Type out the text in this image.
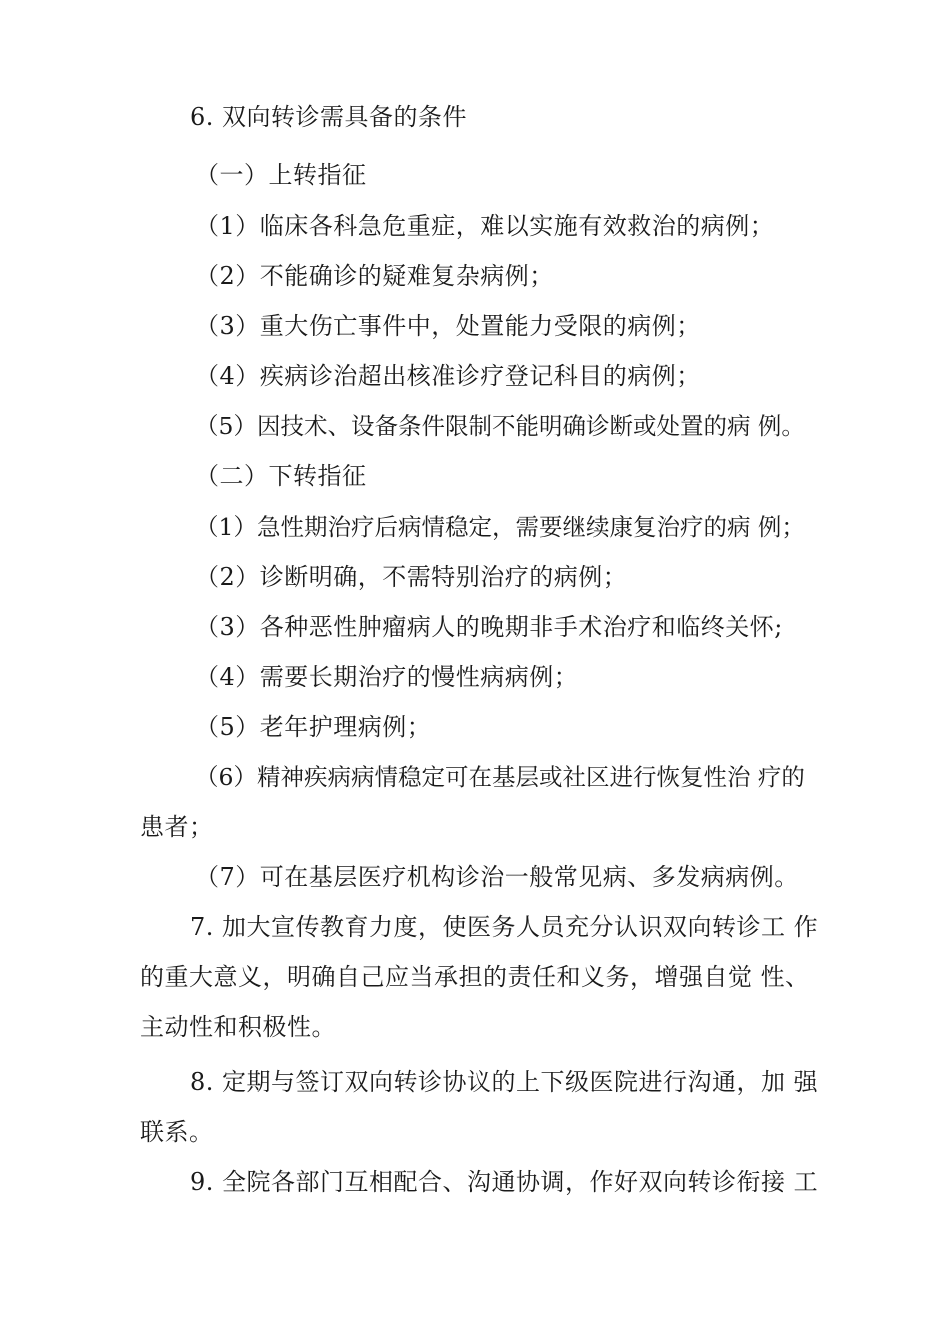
6. 双向转诊需具备的条件

（一）上转指征

（1）临床各科急危重症，难以实施有效救治的病例；

（2）不能确诊的疑难复杂病例；

（3）重大伤亡事件中，处置能力受限的病例；

（4）疾病诊治超出核准诊疗登记科目的病例；

（5）因技术、设备条件限制不能明确诊断或处置的病 例。

（二）下转指征

（1）急性期治疗后病情稳定，需要继续康复治疗的病 例；

（2）诊断明确，不需特别治疗的病例；

（3）各种恶性肿瘤病人的晚期非手术治疗和临终关怀;

（4）需要长期治疗的慢性病病例；

（5）老年护理病例；

（6）精神疾病病情稳定可在基层或社区进行恢复性治 疗的

患者；

（7）可在基层医疗机构诊治一般常见病、多发病病例。

7. 加大宣传教育力度，使医务人员充分认识双向转诊工 作

的重大意义，明确自己应当承担的责任和义务，增强自觉 性、

主动性和积极性。

8. 定期与签订双向转诊协议的上下级医院进行沟通，加 强

联系。

9. 全院各部门互相配合、沟通协调，作好双向转诊衔接 工
